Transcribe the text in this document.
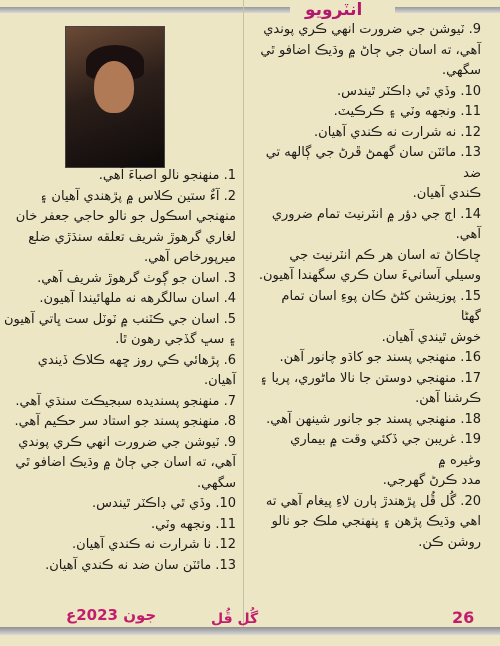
انٽرويو

9. ٽيوشن جي ضرورت انهي ڪري پوندي

آهي، ته اسان جي ڄاڻ ۾ وڌيڪ اضافو ٿي

سگهي.

10. وڏي ٿي ڊاڪٽر ٿيندس.

11. ونجهه وٽي ۽ ڪرڪيٽ.

12. نه شرارت نه ڪندي آهيان.

13. مائٽن سان گهمڻ ڦرڻ جي ڳالهه تي ضد

ڪندي آهيان.

14. اڄ جي دؤر ۾ انٽرنيٽ تمام ضروري آهي.

ڇاڪاڻ ته اسان هر ڪم انٽرنيٽ جي

وسيلي آسانيءَ سان ڪري سگهندا آهيون.

15. پوزيشن کڻڻ ڪان پوءِ اسان تمام گهڻا

خوش ٿيندي آهيان.

16. منهنجي پسند جو کاڌو چانور آهن.

17. منهنجي دوستن جا نالا ماڻوري، پريا ۽

ڪرشنا آهن.

18. منهنجي پسند جو جانور شينهن آهي.

19. غريبن جي ڏکئي وقت ۾ بيماري وغيره ۾

مدد ڪرڻ گهرجي.

20. گُل ڦُل پڙهندڙ ٻارن لاءِ پيغام آهي ته

اهي وڌيڪ پڙهن ۽ پنهنجي ملڪ جو نالو

روشن ڪن.

1. منهنجو نالو اصباءَ آهي.

2. آءٌ ستين ڪلاس ۾ پڙهندي آهيان ۽

منهنجي اسڪول جو نالو حاجي جعفر خان

لغاري گرهوڙ شريف تعلقه سنڌڙي ضلع

ميرپورخاص آهي.

3. اسان جو ڳوٺ گرهوڙ شريف آهي.

4. اسان سالگرهه نه ملهائيندا آهيون.

5. اسان جي ڪٽنب ۾ ٽوٽل ست ڀاتي آهيون

۽ سڀ گڏجي رهون ٿا.

6. پڙهائي ڪي روز ڇهه ڪلاڪ ڏيندي

آهيان.

7. منهنجو پسنديده سبجيڪٽ سنڌي آهي.

8. منهنجو پسند جو استاد سر حڪيم آهي.

9. ٽيوشن جي ضرورت انهي ڪري پوندي

آهي، ته اسان جي ڄاڻ ۾ وڌيڪ اضافو ٿي

سگهي.

10. وڏي ٿي ڊاڪٽر ٿيندس.

11. ونجهه وٽي.

12. نا شرارت نه ڪندي آهيان.

13. مائٽن سان ضد نه ڪندي آهيان.

26
گُل ڦُل
جون 2023ع
